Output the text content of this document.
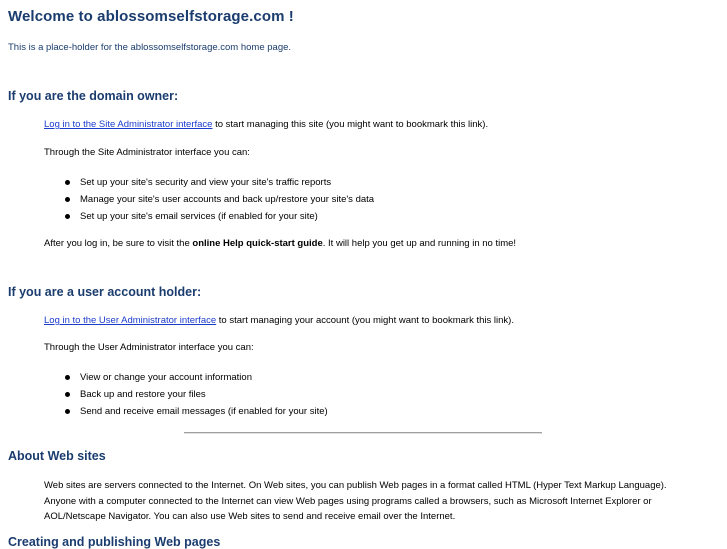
Welcome to ablossomselfstorage.com !

This is a place-holder for the ablossomselfstorage.com home page.

If you are the domain owner:

Log in to the Site Administrator interface to start managing this site (you might want to bookmark this link).

Through the Site Administrator interface you can:

Set up your site's security and view your site's traffic reports
Manage your site's user accounts and back up/restore your site's data
Set up your site's email services (if enabled for your site)

After you log in, be sure to visit the online Help quick-start guide. It will help you get up and running in no time!

If you are a user account holder:

Log in to the User Administrator interface to start managing your account (you might want to bookmark this link).

Through the User Administrator interface you can:

View or change your account information
Back up and restore your files
Send and receive email messages (if enabled for your site)
About Web sites

Web sites are servers connected to the Internet. On Web sites, you can publish Web pages in a format called HTML (Hyper Text Markup Language). Anyone with a computer connected to the Internet can view Web pages using programs called a browsers, such as Microsoft Internet Explorer or AOL/Netscape Navigator. You can also use Web sites to send and receive email over the Internet.

Creating and publishing Web pages
